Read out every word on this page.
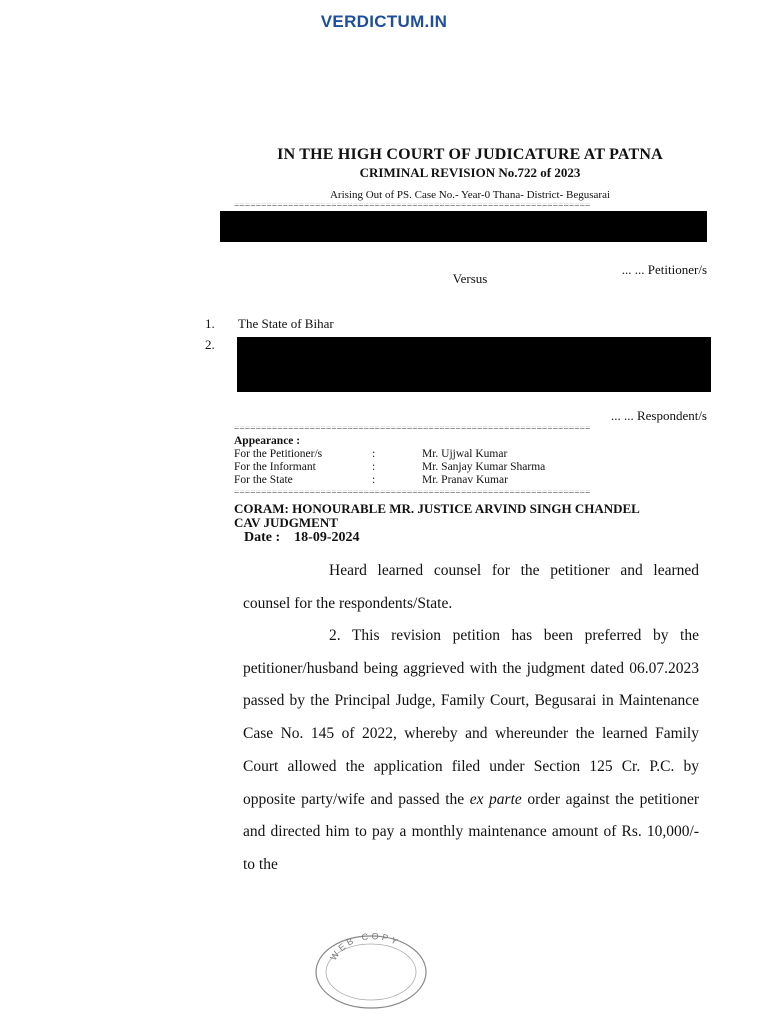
VERDICTUM.IN
IN THE HIGH COURT OF JUDICATURE AT PATNA
CRIMINAL REVISION No.722 of 2023
Arising Out of PS. Case No.- Year-0 Thana- District- Begusarai
==================================================================
... ... Petitioner/s
Versus
1. The State of Bihar
2.
... ... Respondent/s
==================================================================
Appearance :
For the Petitioner/s	:	Mr. Ujjwal Kumar
For the Informant	:	Mr. Sanjay Kumar Sharma
For the State	:	Mr. Pranav Kumar
==================================================================
CORAM: HONOURABLE MR. JUSTICE ARVIND SINGH CHANDEL
CAV JUDGMENT
Date : 18-09-2024
Heard learned counsel for the petitioner and learned counsel for the respondents/State.
2. This revision petition has been preferred by the petitioner/husband being aggrieved with the judgment dated 06.07.2023 passed by the Principal Judge, Family Court, Begusarai in Maintenance Case No. 145 of 2022, whereby and whereunder the learned Family Court allowed the application filed under Section 125 Cr. P.C. by opposite party/wife and passed the ex parte order against the petitioner and directed him to pay a monthly maintenance amount of Rs. 10,000/- to the
WEB COPY
